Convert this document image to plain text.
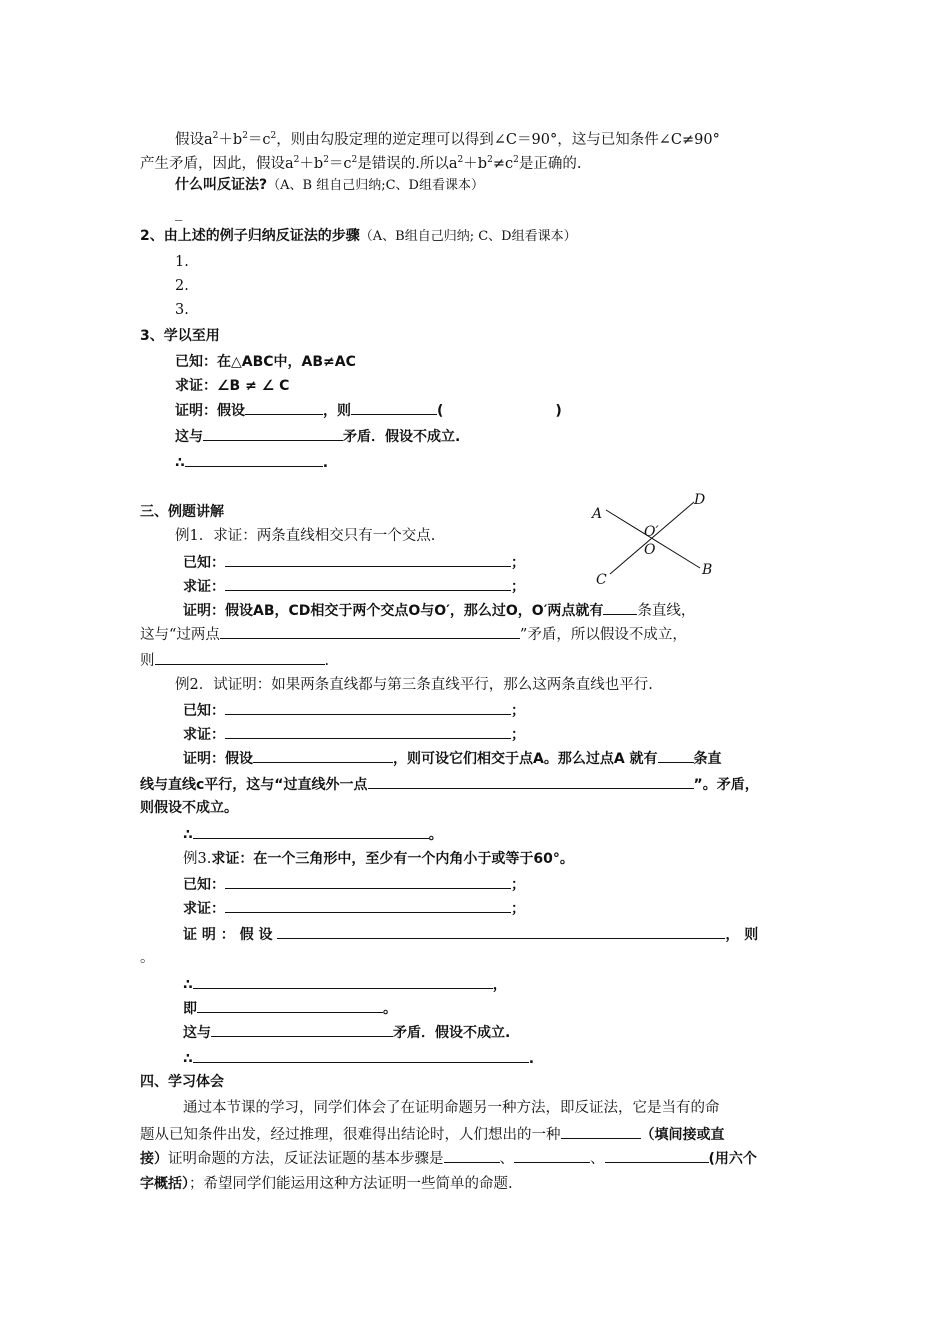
假设$a^2+b^2=c^2$，则由勾股定理的逆定理可以得到∠C＝90°，这与已知条件∠C≠90°
产生矛盾，因此，假设$a^2+b^2=c^2$是错误的.所以$a^2+b^2\ne c^2$是正确的.
什么叫反证法?（A、B 组自己归纳;C、D组看课本）
_
2、由上述的例子归纳反证法的步骤（A、B组自己归纳; C、D组看课本）
1.
2.
3.
3、学以至用
已知：在△ABC中，AB≠AC
求证：∠B ≠ ∠ C
证明：假设	，则	(	)
这与	矛盾．假设不成立.
∴	.
三、例题讲解	A
B
C
D
O′
O
例1．求证：两条直线相交只有一个交点.
已知：	；
求证：	；
证明：假设AB，CD相交于两个交点O与O′，那么过O，O′两点就有 条直线，
这与“过两点	”矛盾，所以假设不成立，
则	.
例2．试证明：如果两条直线都与第三条直线平行，那么这两条直线也平行.
已知：	；
求证：	；
证明：假设	，则可设它们相交于点A。那么过点A 就有	条直
线与直线c平行，这与“过直线外一点	”。矛盾，
则假设不成立。
∴	。
例3.求证：在一个三角形中，至少有一个内角小于或等于60°。
已知：	；
求证：	；
证 明 ： 假 设	， 则
。
∴	，
即	。
这与	矛盾．假设不成立.
∴	.
四、学习体会
通过本节课的学习，同学们体会了在证明命题另一种方法，即反证法，它是当有的命
题从已知条件出发，经过推理，很难得出结论时，人们想出的一种	（填间接或直
接）证明命题的方法，反证法证题的基本步骤是	、	、	(用六个
字概括）；希望同学们能运用这种方法证明一些简单的命题.
